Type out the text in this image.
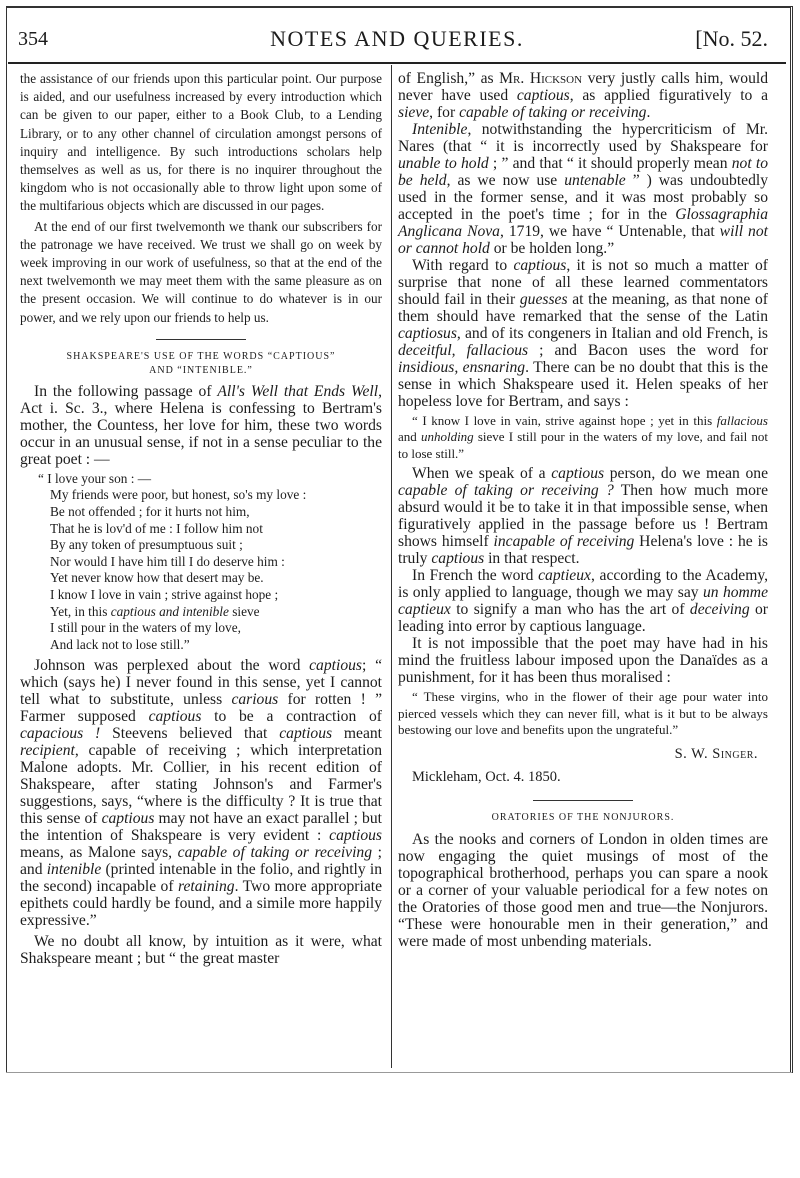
354	NOTES AND QUERIES.	[No. 52.

the assistance of our friends upon this particular point. Our purpose is aided, and our usefulness increased by every introduction which can be given to our paper, either to a Book Club, to a Lending Library, or to any other channel of circulation amongst persons of inquiry and intelligence. By such introductions scholars help themselves as well as us, for there is no inquirer throughout the kingdom who is not occasionally able to throw light upon some of the multifarious objects which are discussed in our pages.

At the end of our first twelvemonth we thank our subscribers for the patronage we have received. We trust we shall go on week by week improving in our work of usefulness, so that at the end of the next twelvemonth we may meet them with the same pleasure as on the present occasion. We will continue to do whatever is in our power, and we rely upon our friends to help us.

SHAKSPEARE'S USE OF THE WORDS “CAPTIOUS”
AND “INTENIBLE.”

In the following passage of All's Well that Ends Well, Act i. Sc. 3., where Helena is confessing to Bertram's mother, the Countess, her love for him, these two words occur in an unusual sense, if not in a sense peculiar to the great poet : —

“ I love your son : —
My friends were poor, but honest, so's my love :
Be not offended ; for it hurts not him,
That he is lov'd of me : I follow him not
By any token of presumptuous suit ;
Nor would I have him till I do deserve him :
Yet never know how that desert may be.
I know I love in vain ; strive against hope ;
Yet, in this captious and intenible sieve
I still pour in the waters of my love,
And lack not to lose still.”

Johnson was perplexed about the word captious; “ which (says he) I never found in this sense, yet I cannot tell what to substitute, unless carious for rotten ! ” Farmer supposed captious to be a contraction of capacious ! Steevens believed that captious meant recipient, capable of receiving ; which interpretation Malone adopts. Mr. Collier, in his recent edition of Shakspeare, after stating Johnson's and Farmer's suggestions, says, “where is the difficulty ? It is true that this sense of captious may not have an exact parallel ; but the intention of Shakspeare is very evident : captious means, as Malone says, capable of taking or receiving ; and intenible (printed intenable in the folio, and rightly in the second) incapable of retaining. Two more appropriate epithets could hardly be found, and a simile more happily expressive.”

We no doubt all know, by intuition as it were, what Shakspeare meant ; but “ the great master

of English,” as Mr. Hickson very justly calls him, would never have used captious, as applied figuratively to a sieve, for capable of taking or receiving.

Intenible, notwithstanding the hypercriticism of Mr. Nares (that “ it is incorrectly used by Shakspeare for unable to hold ; ” and that “ it should properly mean not to be held, as we now use untenable ” ) was undoubtedly used in the former sense, and it was most probably so accepted in the poet's time ; for in the Glossagraphia Anglicana Nova, 1719, we have “ Untenable, that will not or cannot hold or be holden long.”

With regard to captious, it is not so much a matter of surprise that none of all these learned commentators should fail in their guesses at the meaning, as that none of them should have remarked that the sense of the Latin captiosus, and of its congeners in Italian and old French, is deceitful, fallacious ; and Bacon uses the word for insidious, ensnaring. There can be no doubt that this is the sense in which Shakspeare used it. Helen speaks of her hopeless love for Bertram, and says :

“ I know I love in vain, strive against hope ; yet in this fallacious and unholding sieve I still pour in the waters of my love, and fail not to lose still.”

When we speak of a captious person, do we mean one capable of taking or receiving ? Then how much more absurd would it be to take it in that impossible sense, when figuratively applied in the passage before us ! Bertram shows himself incapable of receiving Helena's love : he is truly captious in that respect.

In French the word captieux, according to the Academy, is only applied to language, though we may say un homme captieux to signify a man who has the art of deceiving or leading into error by captious language.

It is not impossible that the poet may have had in his mind the fruitless labour imposed upon the Danaïdes as a punishment, for it has been thus moralised :

“ These virgins, who in the flower of their age pour water into pierced vessels which they can never fill, what is it but to be always bestowing our love and benefits upon the ungrateful.”

S. W. Singer.
Mickleham, Oct. 4. 1850.
ORATORIES OF THE NONJURORS.

As the nooks and corners of London in olden times are now engaging the quiet musings of most of the topographical brotherhood, perhaps you can spare a nook or a corner of your valuable periodical for a few notes on the Oratories of those good men and true—the Nonjurors. “These were honourable men in their generation,” and were made of most unbending materials.
